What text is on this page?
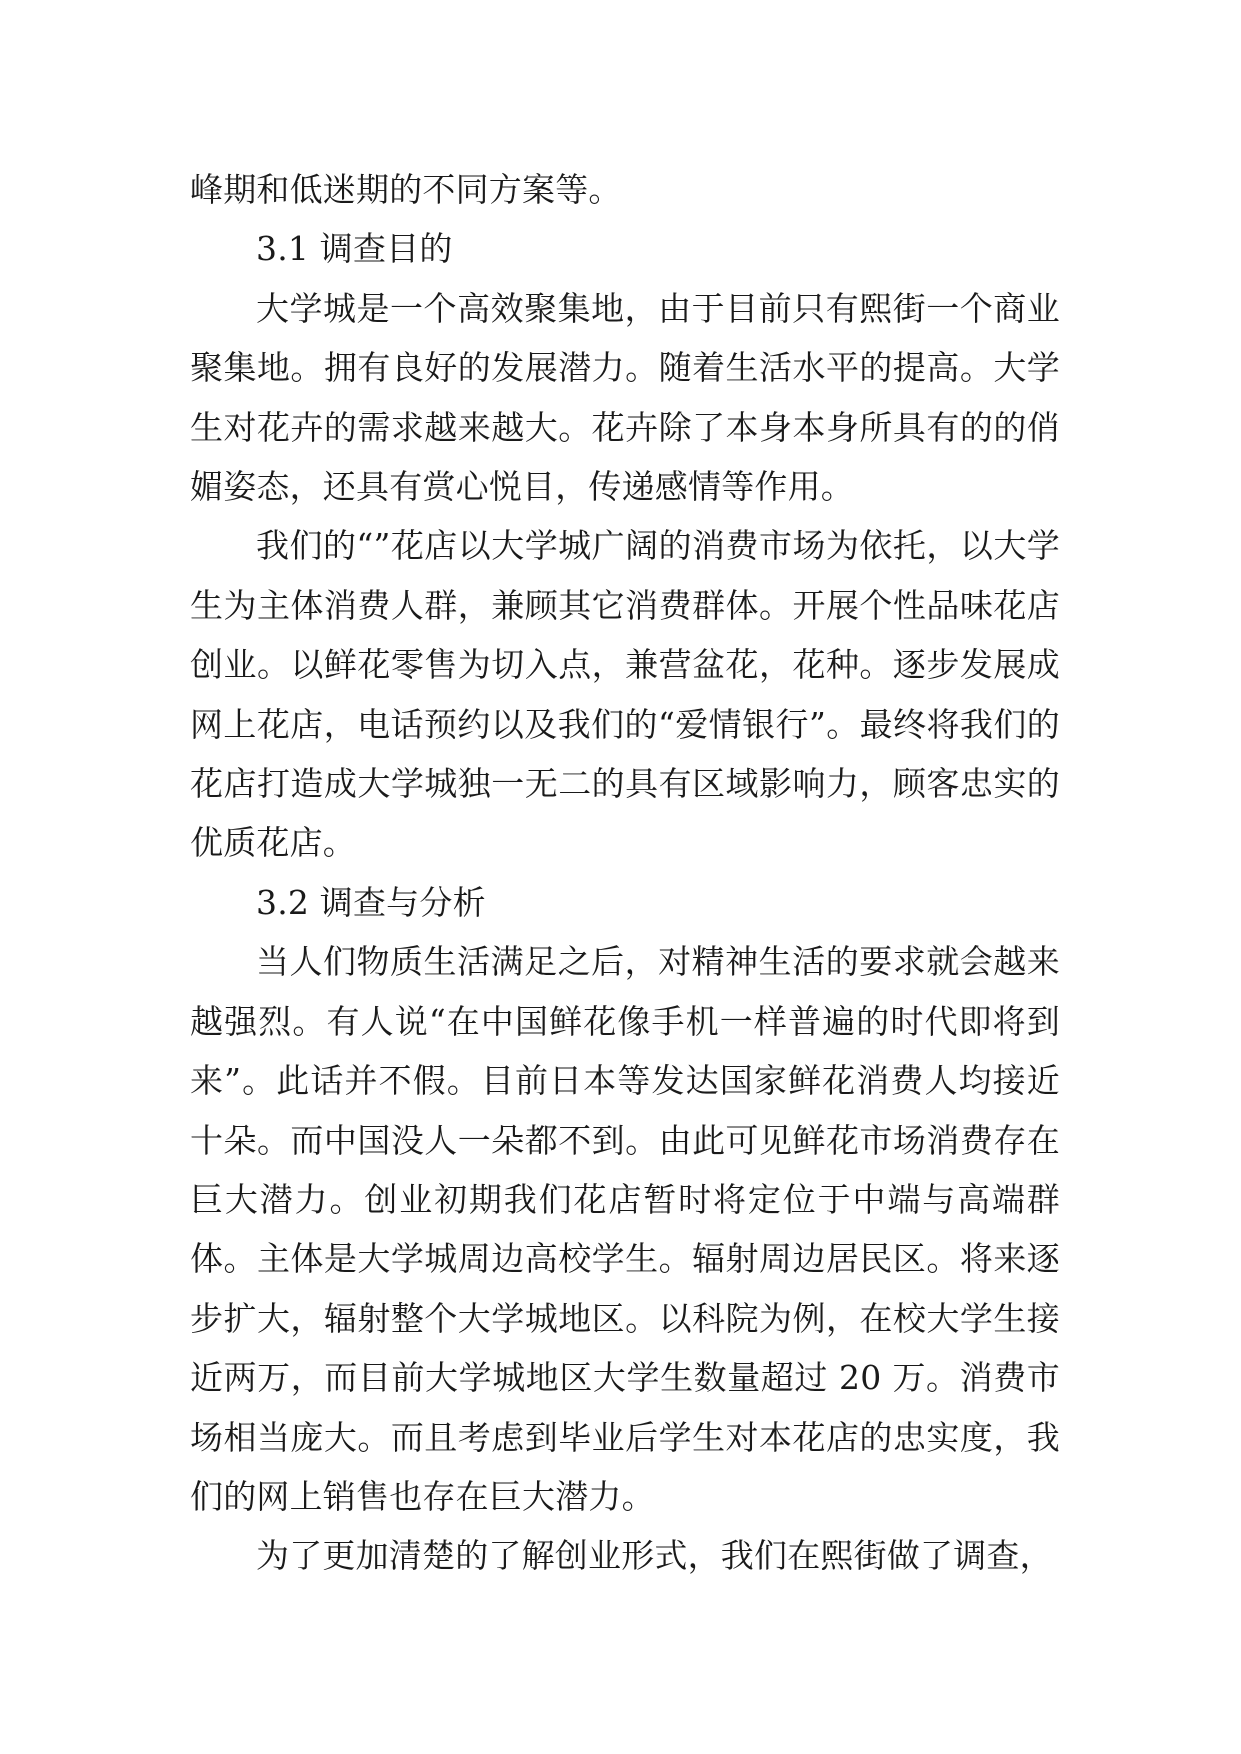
峰期和低迷期的不同方案等。

3.1 调查目的

大学城是一个高效聚集地，由于目前只有熙街一个商业聚集地。拥有良好的发展潜力。随着生活水平的提高。大学生对花卉的需求越来越大。花卉除了本身本身所具有的的俏媚姿态，还具有赏心悦目，传递感情等作用。

我们的“”花店以大学城广阔的消费市场为依托，以大学生为主体消费人群，兼顾其它消费群体。开展个性品味花店创业。以鲜花零售为切入点，兼营盆花，花种。逐步发展成网上花店，电话预约以及我们的“爱情银行”。最终将我们的花店打造成大学城独一无二的具有区域影响力，顾客忠实的优质花店。

3.2 调查与分析

当人们物质生活满足之后，对精神生活的要求就会越来越强烈。有人说“在中国鲜花像手机一样普遍的时代即将到来”。此话并不假。目前日本等发达国家鲜花消费人均接近十朵。而中国没人一朵都不到。由此可见鲜花市场消费存在巨大潜力。创业初期我们花店暂时将定位于中端与高端群体。主体是大学城周边高校学生。辐射周边居民区。将来逐步扩大，辐射整个大学城地区。以科院为例，在校大学生接近两万，而目前大学城地区大学生数量超过 20 万。消费市场相当庞大。而且考虑到毕业后学生对本花店的忠实度，我们的网上销售也存在巨大潜力。

为了更加清楚的了解创业形式，我们在熙街做了调查，
